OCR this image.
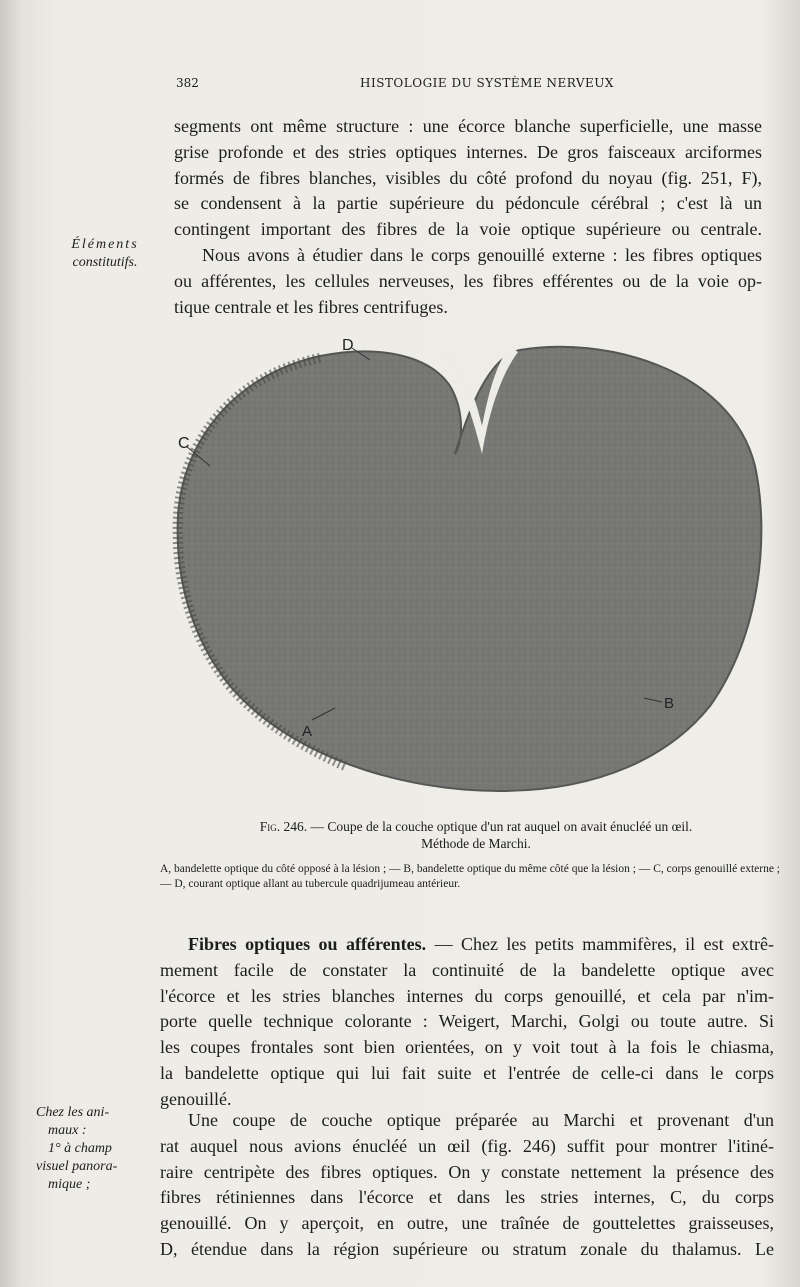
382	HISTOLOGIE DU SYSTÈME NERVEUX

segments ont même structure : une écorce blanche superficielle, une masse

grise profonde et des stries optiques internes. De gros faisceaux arciformes

formés de fibres blanches, visibles du côté profond du noyau (fig. 251, F),

se condensent à la partie supérieure du pédoncule cérébral ; c'est là un

contingent important des fibres de la voie optique supérieure ou centrale.

Nous avons à étudier dans le corps genouillé externe : les fibres optiques

ou afférentes, les cellules nerveuses, les fibres efférentes ou de la voie op-

tique centrale et les fibres centrifuges.

Éléments
constitutifs.
D
C
A
B
Fig. 246. — Coupe de la couche optique d'un rat auquel on avait énucléé un œil.
Méthode de Marchi.
A, bandelette optique du côté opposé à la lésion ; — B, bandelette optique du même côté que la lésion ; — C, corps genouillé externe ; — D, courant optique allant au tubercule quadrijumeau antérieur.

Fibres optiques ou afférentes. — Chez les petits mammifères, il est extrê-

mement facile de constater la continuité de la bandelette optique avec

l'écorce et les stries blanches internes du corps genouillé, et cela par n'im-

porte quelle technique colorante : Weigert, Marchi, Golgi ou toute autre. Si

les coupes frontales sont bien orientées, on y voit tout à la fois le chiasma,

la bandelette optique qui lui fait suite et l'entrée de celle-ci dans le corps

genouillé.

Une coupe de couche optique préparée au Marchi et provenant d'un

rat auquel nous avions énucléé un œil (fig. 246) suffit pour montrer l'itiné-

raire centripète des fibres optiques. On y constate nettement la présence des

fibres rétiniennes dans l'écorce et dans les stries internes, C, du corps

genouillé. On y aperçoit, en outre, une traînée de gouttelettes graisseuses,

D, étendue dans la région supérieure ou stratum zonale du thalamus. Le

Chez les ani-
maux :
1° à champ
visuel panora-
mique ;
